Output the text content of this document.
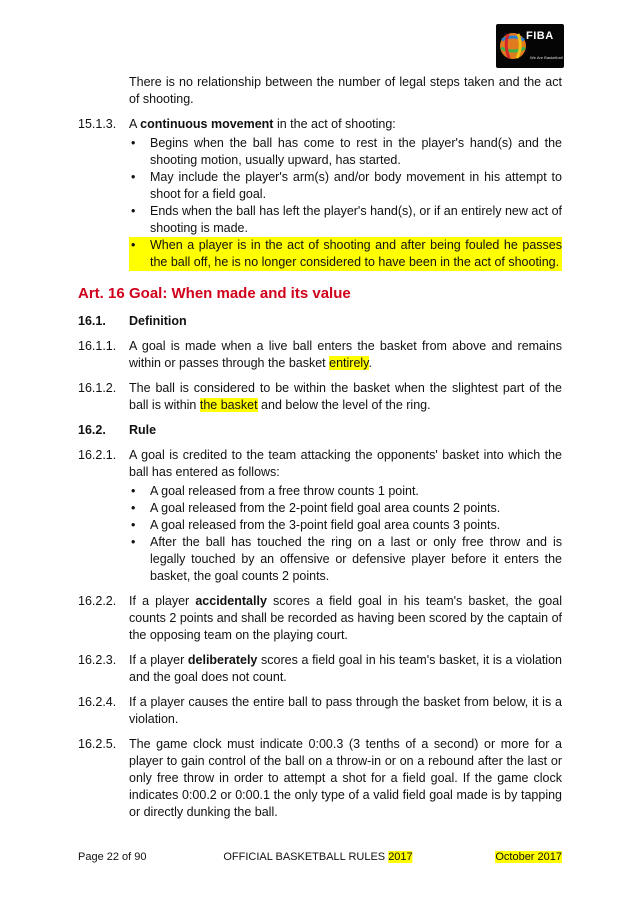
FIBA
We Are Basketball

There is no relationship between the number of legal steps taken and the act of shooting.

15.1.3. A continuous movement in the act of shooting:

• Begins when the ball has come to rest in the player's hand(s) and the shooting motion, usually upward, has started.
• May include the player's arm(s) and/or body movement in his attempt to shoot for a field goal.
• Ends when the ball has left the player's hand(s), or if an entirely new act of shooting is made.
• When a player is in the act of shooting and after being fouled he passes the ball off, he is no longer considered to have been in the act of shooting.
Art. 16 Goal: When made and its value
16.1. Definition
16.1.1. A goal is made when a live ball enters the basket from above and remains within or passes through the basket entirely.

16.1.2. The ball is considered to be within the basket when the slightest part of the ball is within the basket and below the level of the ring.

16.2. Rule
16.2.1. A goal is credited to the team attacking the opponents' basket into which the ball has entered as follows:

• A goal released from a free throw counts 1 point.
• A goal released from the 2-point field goal area counts 2 points.
• A goal released from the 3-point field goal area counts 3 points.
• After the ball has touched the ring on a last or only free throw and is legally touched by an offensive or defensive player before it enters the basket, the goal counts 2 points.
16.2.2. If a player accidentally scores a field goal in his team's basket, the goal counts 2 points and shall be recorded as having been scored by the captain of the opposing team on the playing court.

16.2.3. If a player deliberately scores a field goal in his team's basket, it is a violation and the goal does not count.

16.2.4. If a player causes the entire ball to pass through the basket from below, it is a violation.

16.2.5. The game clock must indicate 0:00.3 (3 tenths of a second) or more for a player to gain control of the ball on a throw-in or on a rebound after the last or only free throw in order to attempt a shot for a field goal. If the game clock indicates 0:00.2 or 0:00.1 the only type of a valid field goal made is by tapping or directly dunking the ball.

Page 22 of 90	OFFICIAL BASKETBALL RULES 2017	October 2017
